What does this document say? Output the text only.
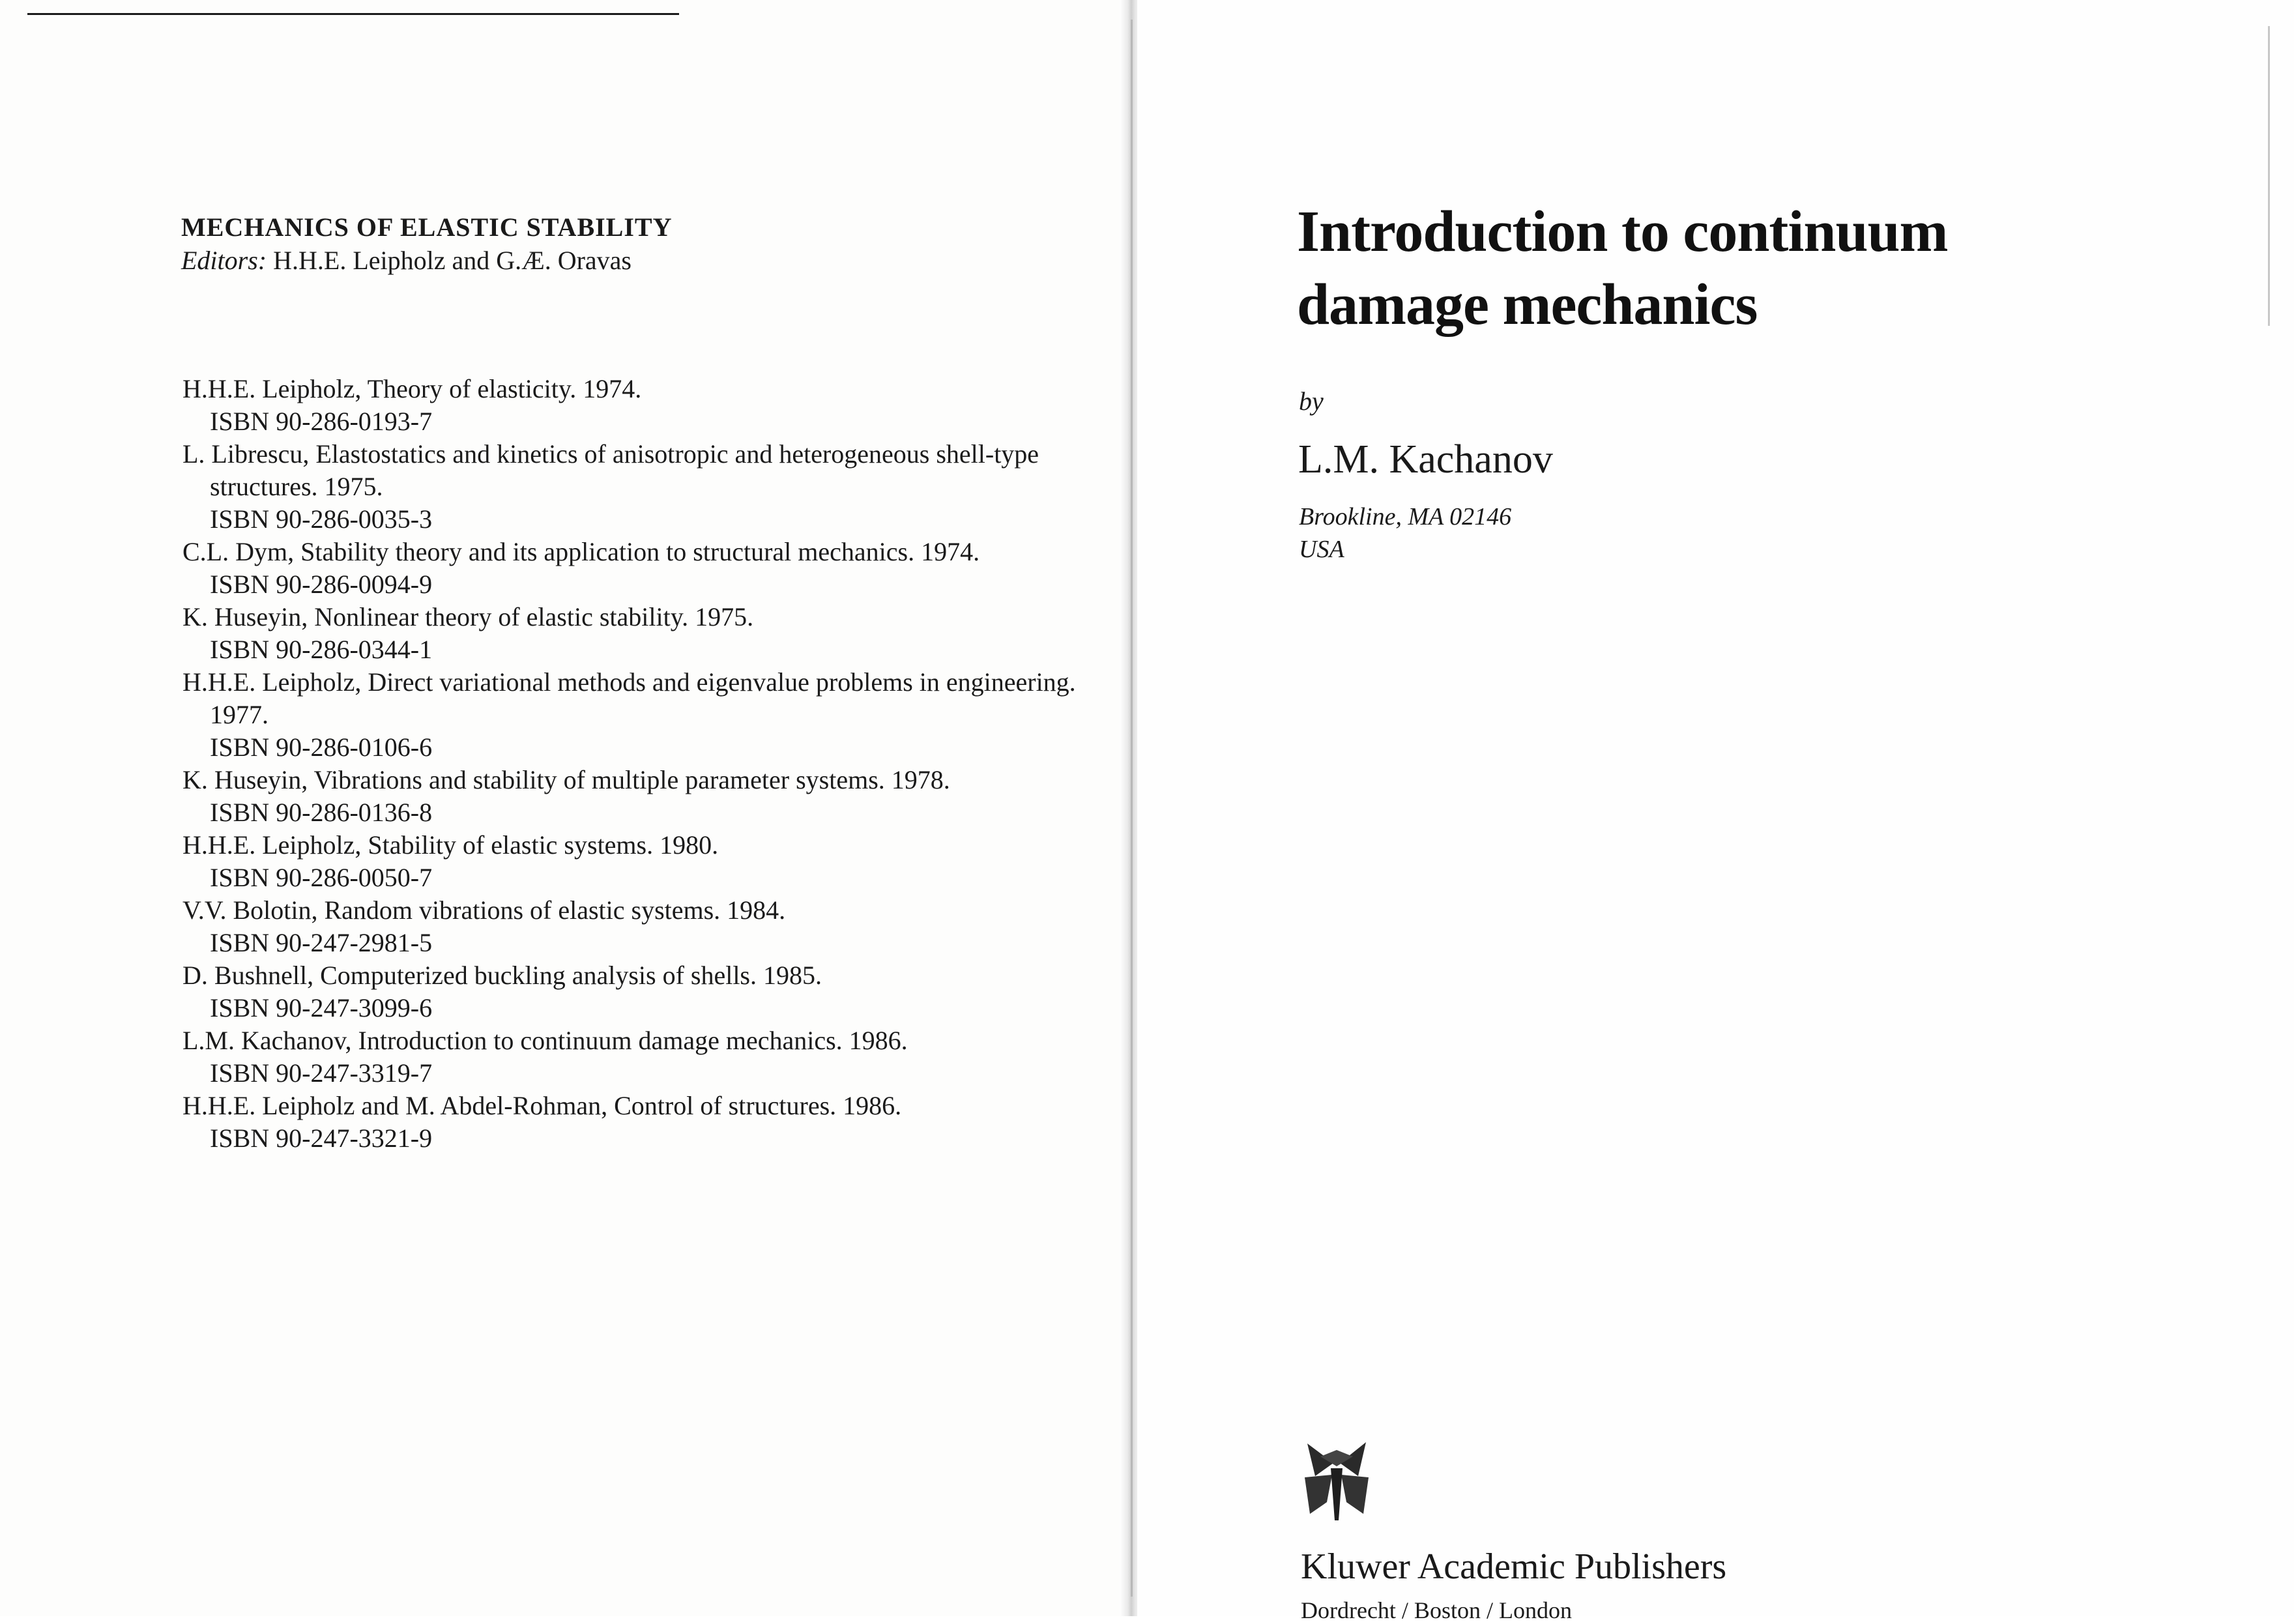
MECHANICS OF ELASTIC STABILITY
Editors: H.H.E. Leipholz and G.Æ. Oravas
H.H.E. Leipholz, Theory of elasticity. 1974.
ISBN 90-286-0193-7
L. Librescu, Elastostatics and kinetics of anisotropic and heterogeneous shell-type structures. 1975.
ISBN 90-286-0035-3
C.L. Dym, Stability theory and its application to structural mechanics. 1974.
ISBN 90-286-0094-9
K. Huseyin, Nonlinear theory of elastic stability. 1975.
ISBN 90-286-0344-1
H.H.E. Leipholz, Direct variational methods and eigenvalue problems in engineering. 1977.
ISBN 90-286-0106-6
K. Huseyin, Vibrations and stability of multiple parameter systems. 1978.
ISBN 90-286-0136-8
H.H.E. Leipholz, Stability of elastic systems. 1980.
ISBN 90-286-0050-7
V.V. Bolotin, Random vibrations of elastic systems. 1984.
ISBN 90-247-2981-5
D. Bushnell, Computerized buckling analysis of shells. 1985.
ISBN 90-247-3099-6
L.M. Kachanov, Introduction to continuum damage mechanics. 1986.
ISBN 90-247-3319-7
H.H.E. Leipholz and M. Abdel-Rohman, Control of structures. 1986.
ISBN 90-247-3321-9
Introduction to continuum
damage mechanics
by
L.M. Kachanov
Brookline, MA 02146
USA
Kluwer Academic Publishers
Dordrecht / Boston / London
